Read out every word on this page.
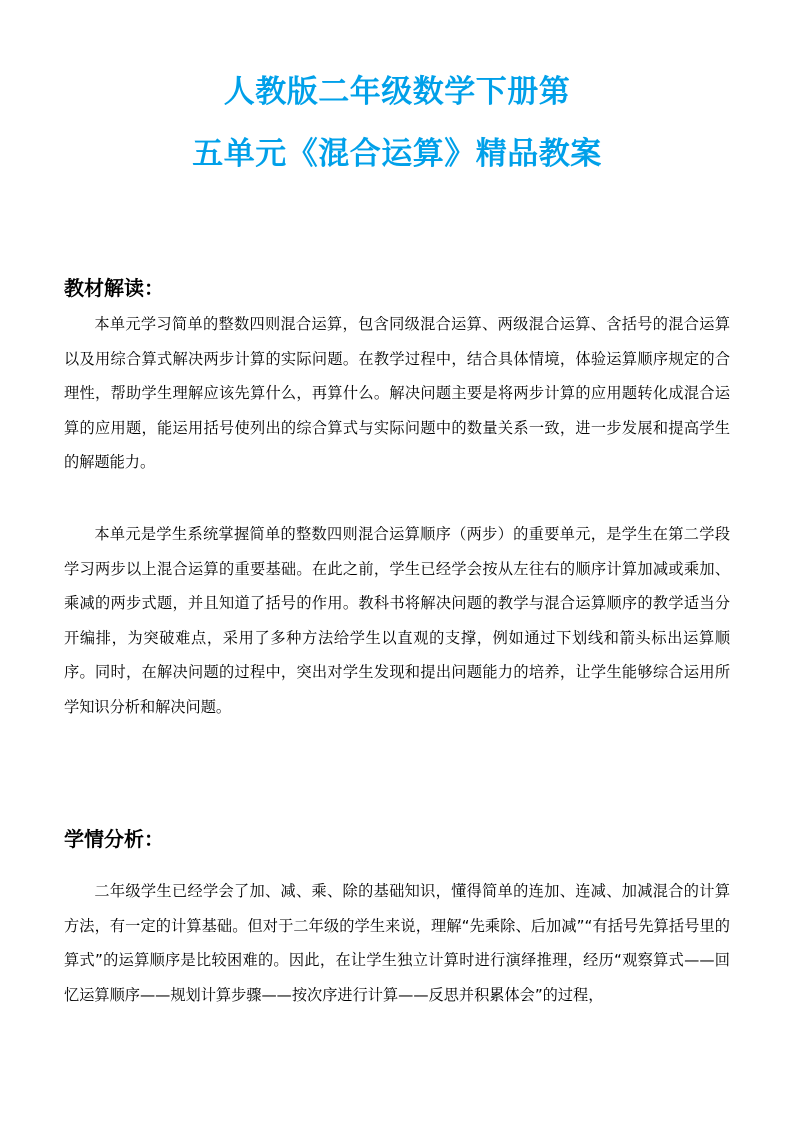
人教版二年级数学下册第
五单元《混合运算》精品教案
教材解读：

本单元学习简单的整数四则混合运算，包含同级混合运算、两级混合运算、含括号的混合运算以及用综合算式解决两步计算的实际问题。在教学过程中，结合具体情境，体验运算顺序规定的合理性，帮助学生理解应该先算什么，再算什么。解决问题主要是将两步计算的应用题转化成混合运算的应用题，能运用括号使列出的综合算式与实际问题中的数量关系一致，进一步发展和提高学生的解题能力。

本单元是学生系统掌握简单的整数四则混合运算顺序（两步）的重要单元，是学生在第二学段学习两步以上混合运算的重要基础。在此之前，学生已经学会按从左往右的顺序计算加减或乘加、乘减的两步式题，并且知道了括号的作用。教科书将解决问题的教学与混合运算顺序的教学适当分开编排，为突破难点，采用了多种方法给学生以直观的支撑，例如通过下划线和箭头标出运算顺序。同时，在解决问题的过程中，突出对学生发现和提出问题能力的培养，让学生能够综合运用所学知识分析和解决问题。

学情分析：

二年级学生已经学会了加、减、乘、除的基础知识，懂得简单的连加、连减、加减混合的计算方法，有一定的计算基础。但对于二年级的学生来说，理解“先乘除、后加减”“有括号先算括号里的算式”的运算顺序是比较困难的。因此，在让学生独立计算时进行演绎推理，经历“观察算式——回忆运算顺序——规划计算步骤——按次序进行计算——反思并积累体会”的过程，
